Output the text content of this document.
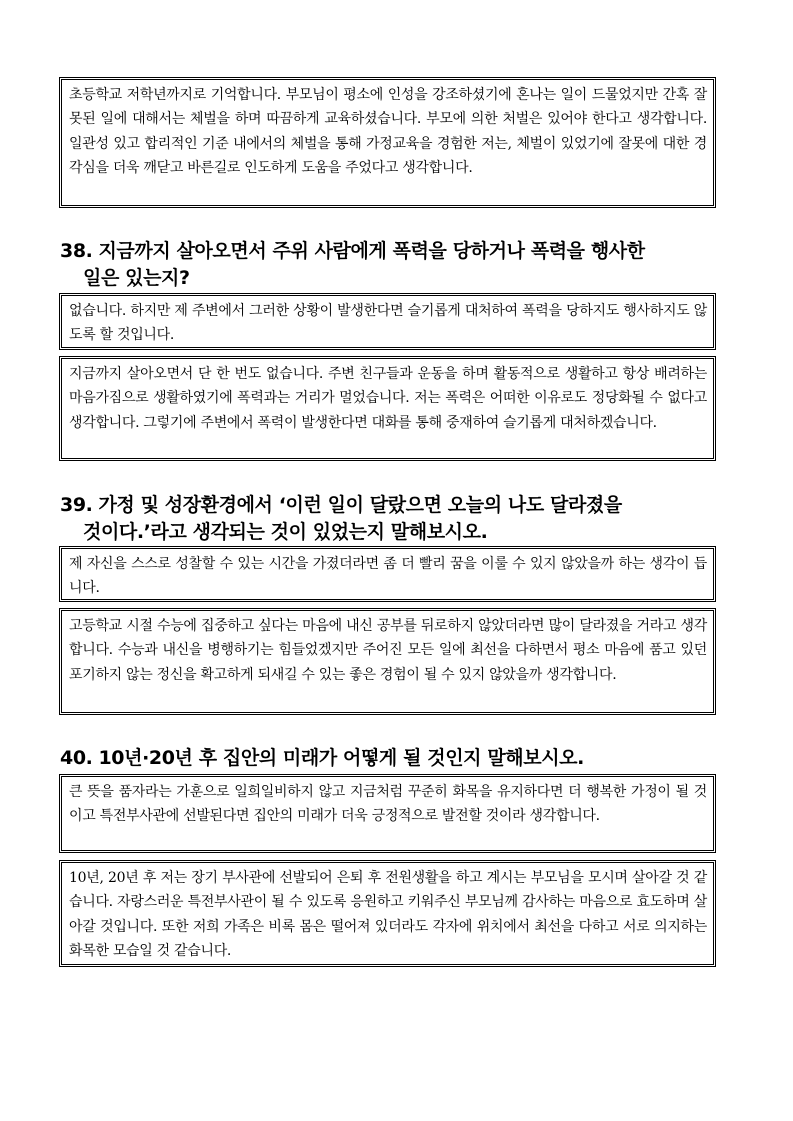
초등학교 저학년까지로 기억합니다. 부모님이 평소에 인성을 강조하셨기에 혼나는 일이 드물었지만 간혹 잘못된 일에 대해서는 체벌을 하며 따끔하게 교육하셨습니다. 부모에 의한 처벌은 있어야 한다고 생각합니다. 일관성 있고 합리적인 기준 내에서의 체벌을 통해 가정교육을 경험한 저는, 체벌이 있었기에 잘못에 대한 경각심을 더욱 깨닫고 바른길로 인도하게 도움을 주었다고 생각합니다.
38. 지금까지 살아오면서 주위 사람에게 폭력을 당하거나 폭력을 행사한
일은 있는지?
없습니다. 하지만 제 주변에서 그러한 상황이 발생한다면 슬기롭게 대처하여 폭력을 당하지도 행사하지도 않도록 할 것입니다.
지금까지 살아오면서 단 한 번도 없습니다. 주변 친구들과 운동을 하며 활동적으로 생활하고 항상 배려하는 마음가짐으로 생활하였기에 폭력과는 거리가 멀었습니다. 저는 폭력은 어떠한 이유로도 정당화될 수 없다고 생각합니다. 그렇기에 주변에서 폭력이 발생한다면 대화를 통해 중재하여 슬기롭게 대처하겠습니다.
39. 가정 및 성장환경에서 ‘이런 일이 달랐으면 오늘의 나도 달라졌을
것이다.’라고 생각되는 것이 있었는지 말해보시오.
제 자신을 스스로 성찰할 수 있는 시간을 가졌더라면 좀 더 빨리 꿈을 이룰 수 있지 않았을까 하는 생각이 듭니다.
고등학교 시절 수능에 집중하고 싶다는 마음에 내신 공부를 뒤로하지 않았더라면 많이 달라졌을 거라고 생각합니다. 수능과 내신을 병행하기는 힘들었겠지만 주어진 모든 일에 최선을 다하면서 평소 마음에 품고 있던 포기하지 않는 정신을 확고하게 되새길 수 있는 좋은 경험이 될 수 있지 않았을까 생각합니다.
40. 10년·20년 후 집안의 미래가 어떻게 될 것인지 말해보시오.
큰 뜻을 품자라는 가훈으로 일희일비하지 않고 지금처럼 꾸준히 화목을 유지하다면 더 행복한 가정이 될 것이고 특전부사관에 선발된다면 집안의 미래가 더욱 긍정적으로 발전할 것이라 생각합니다.
10년, 20년 후 저는 장기 부사관에 선발되어 은퇴 후 전원생활을 하고 계시는 부모님을 모시며 살아갈 것 같습니다. 자랑스러운 특전부사관이 될 수 있도록 응원하고 키워주신 부모님께 감사하는 마음으로 효도하며 살아갈 것입니다. 또한 저희 가족은 비록 몸은 떨어져 있더라도 각자에 위치에서 최선을 다하고 서로 의지하는 화목한 모습일 것 같습니다.
